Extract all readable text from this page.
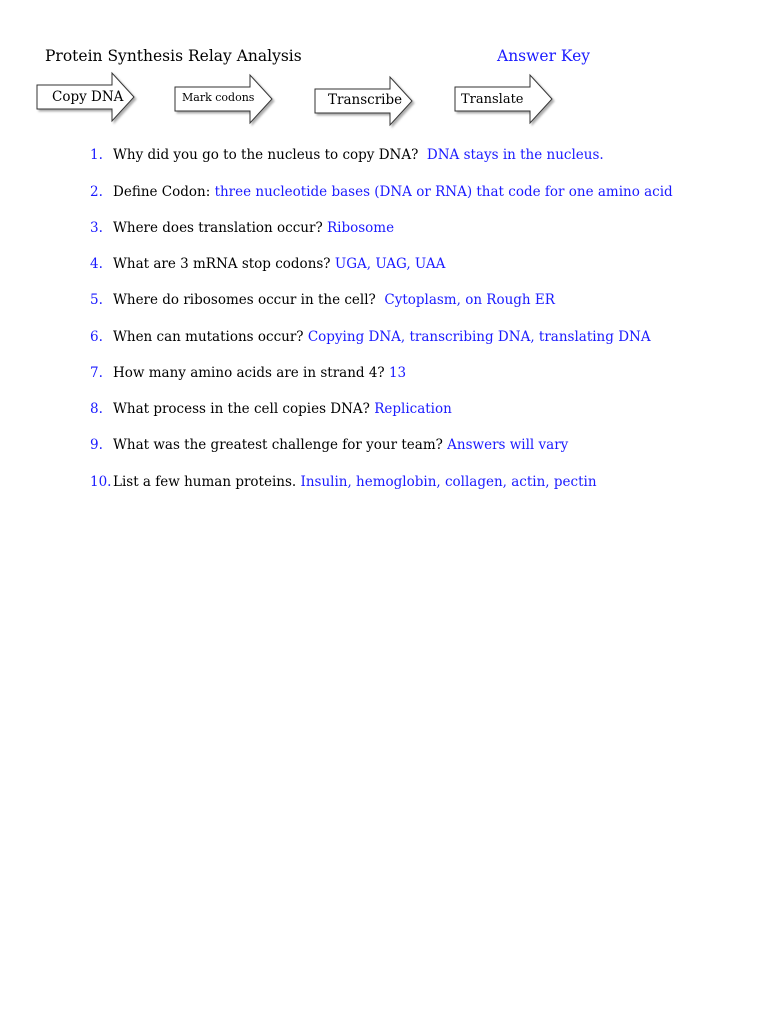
Protein Synthesis Relay Analysis	Answer Key
Copy DNA	Mark codons	Transcribe	Translate
1. Why did you go to the nucleus to copy DNA?  DNA stays in the nucleus.
2. Define Codon: three nucleotide bases (DNA or RNA) that code for one amino acid
3. Where does translation occur? Ribosome
4. What are 3 mRNA stop codons? UGA, UAG, UAA
5. Where do ribosomes occur in the cell?  Cytoplasm, on Rough ER
6. When can mutations occur? Copying DNA, transcribing DNA, translating DNA
7. How many amino acids are in strand 4? 13
8. What process in the cell copies DNA? Replication
9. What was the greatest challenge for your team? Answers will vary
10. List a few human proteins. Insulin, hemoglobin, collagen, actin, pectin
